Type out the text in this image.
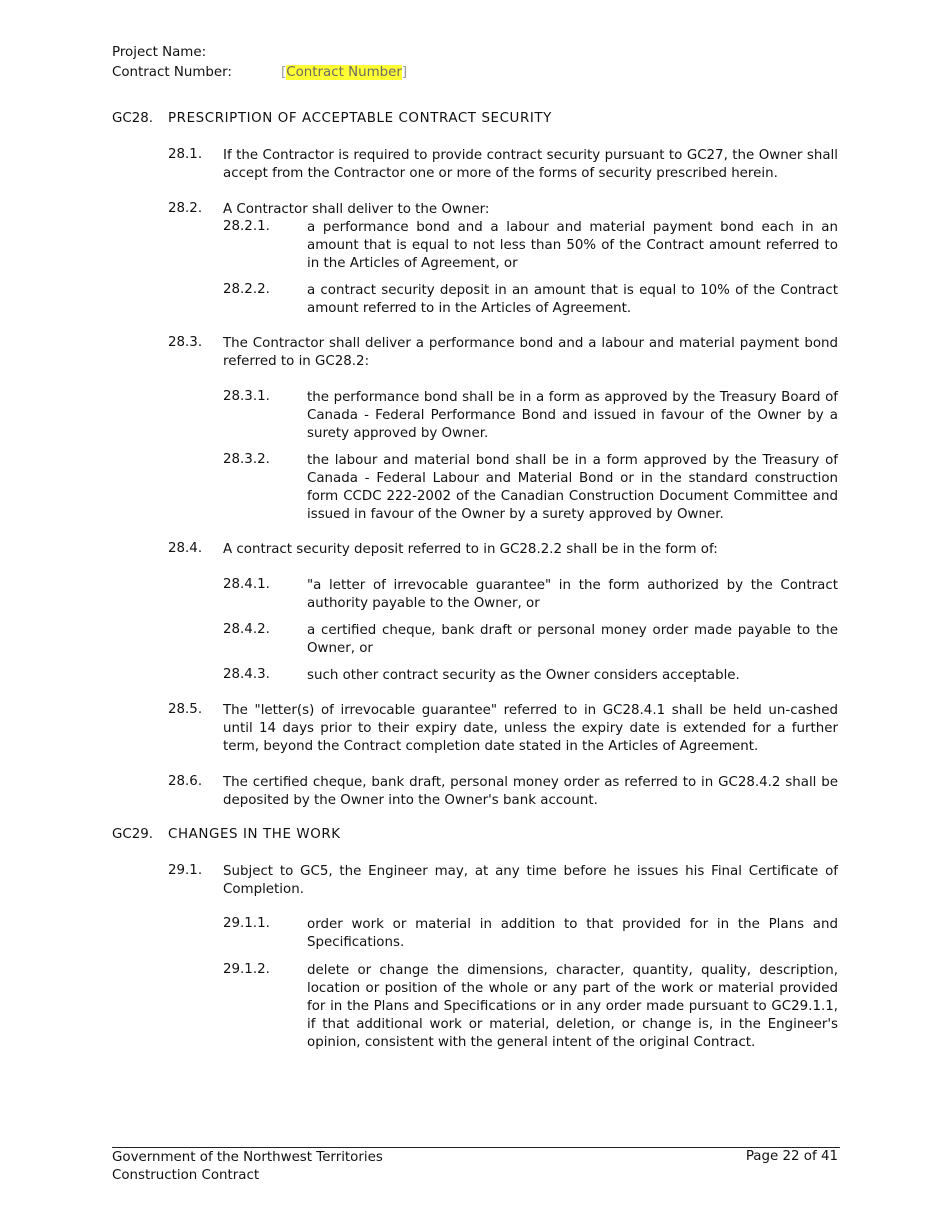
Project Name:
Contract Number:	[Contract Number]
GC28. PRESCRIPTION OF ACCEPTABLE CONTRACT SECURITY
28.1. If the Contractor is required to provide contract security pursuant to GC27, the Owner shall accept from the Contractor one or more of the forms of security prescribed herein.
28.2. A Contractor shall deliver to the Owner:
28.2.1.	a performance bond and a labour and material payment bond each in an amount that is equal to not less than 50% of the Contract amount referred to in the Articles of Agreement, or
28.2.2.	a contract security deposit in an amount that is equal to 10% of the Contract amount referred to in the Articles of Agreement.
28.3. The Contractor shall deliver a performance bond and a labour and material payment bond referred to in GC28.2:
28.3.1.	the performance bond shall be in a form as approved by the Treasury Board of Canada - Federal Performance Bond and issued in favour of the Owner by a surety approved by Owner.
28.3.2.	the labour and material bond shall be in a form approved by the Treasury of Canada - Federal Labour and Material Bond or in the standard construction form CCDC 222-2002 of the Canadian Construction Document Committee and issued in favour of the Owner by a surety approved by Owner.
28.4. A contract security deposit referred to in GC28.2.2 shall be in the form of:
28.4.1.	"a letter of irrevocable guarantee" in the form authorized by the Contract authority payable to the Owner, or
28.4.2.	a certified cheque, bank draft or personal money order made payable to the Owner, or
28.4.3.	such other contract security as the Owner considers acceptable.
28.5. The "letter(s) of irrevocable guarantee" referred to in GC28.4.1 shall be held un-cashed until 14 days prior to their expiry date, unless the expiry date is extended for a further term, beyond the Contract completion date stated in the Articles of Agreement.
28.6. The certified cheque, bank draft, personal money order as referred to in GC28.4.2 shall be deposited by the Owner into the Owner's bank account.
GC29. CHANGES IN THE WORK
29.1. Subject to GC5, the Engineer may, at any time before he issues his Final Certificate of Completion.
29.1.1.	order work or material in addition to that provided for in the Plans and Specifications.
29.1.2.	delete or change the dimensions, character, quantity, quality, description, location or position of the whole or any part of the work or material provided for in the Plans and Specifications or in any order made pursuant to GC29.1.1, if that additional work or material, deletion, or change is, in the Engineer's opinion, consistent with the general intent of the original Contract.
Government of the Northwest Territories
Construction Contract
Page 22 of 41
